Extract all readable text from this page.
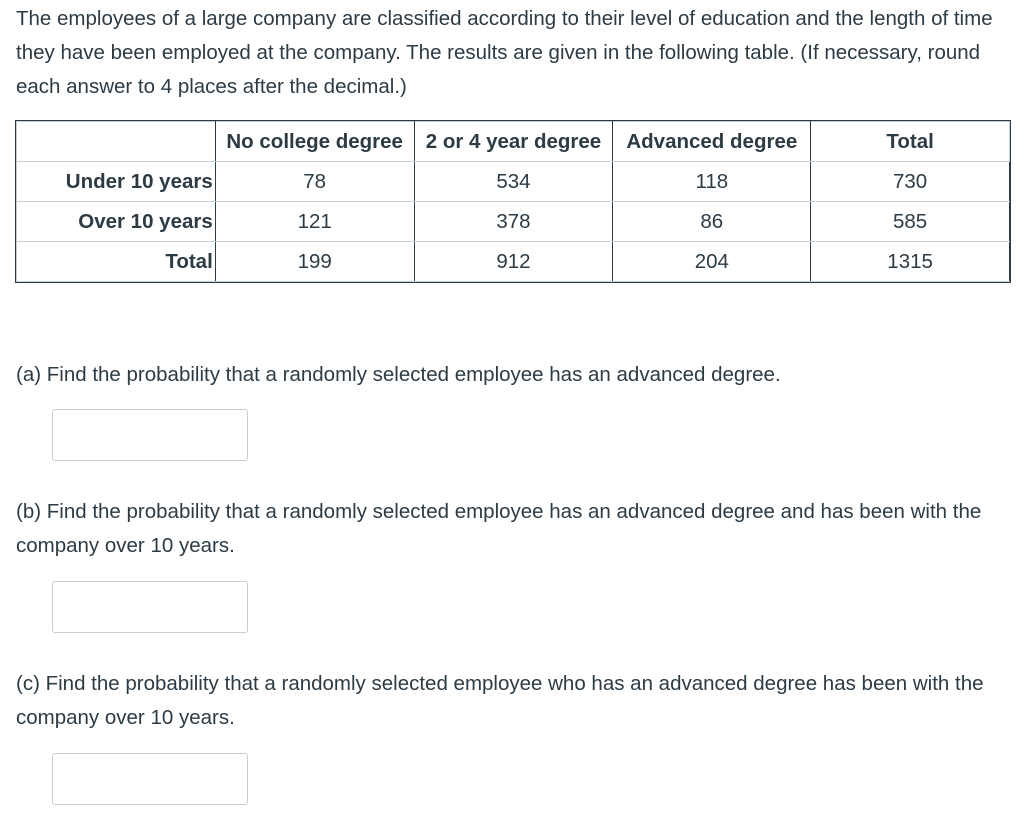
The employees of a large company are classified according to their level of education and the length of time they have been employed at the company. The results are given in the following table. (If necessary, round each answer to 4 places after the decimal.)
	No college degree	2 or 4 year degree	Advanced degree	Total
Under 10 years	78	534	118	730
Over 10 years	121	378	86	585
Total	199	912	204	1315
(a) Find the probability that a randomly selected employee has an advanced degree.
(b) Find the probability that a randomly selected employee has an advanced degree and has been with the company over 10 years.
(c) Find the probability that a randomly selected employee who has an advanced degree has been with the company over 10 years.
